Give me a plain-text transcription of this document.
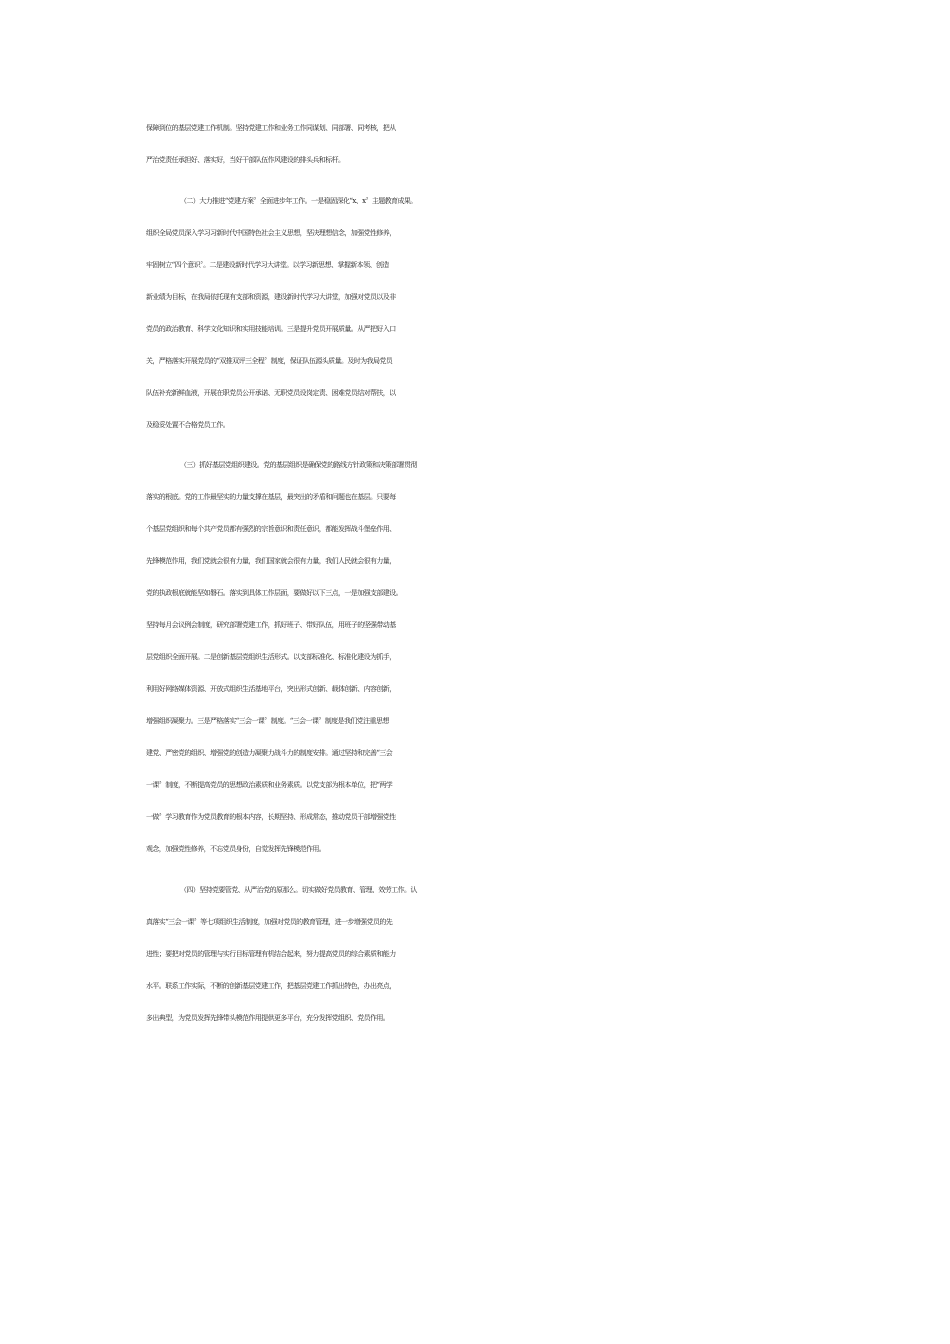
保障到位的基层党建工作机制。坚持党建工作和业务工作同谋划、同部署、同考核，把从
严治党责任承担好、落实好，当好干部队伍作风建设的排头兵和标杆。
（二）大力推进“党建方案〞全面进步年工作。一是稳固深化“x、x〞主题教育成果。
组织全局党员深入学习习新时代中国特色社会主义思想，坚决理想信念，加强党性修养，
牢固树立“四个意识〞。二是建设新时代学习大讲堂。以学习新思想、掌握新本领、创造
新业绩为目标，在我局依托现有支部和资源，建设新时代学习大讲堂，加强对党员以及非
党员的政治教育、科学文化知识和实用技能培训。三是提升党员开展质量。从严把好入口
关，严格落实开展党员的“双推双评三全程〞制度，保证队伍源头质量。及时为我局党员
队伍补充新鲜血液，开展在职党员公开承诺、无职党员设岗定责、困难党员结对帮扶，以
及稳妥处置不合格党员工作。
（三）抓好基层党组织建设。党的基层组织是确保党的路线方针政策和决策部署贯彻
落实的根底。党的工作最坚实的力量支撑在基层，最突出的矛盾和问题也在基层。只要每
个基层党组织和每个共产党员都有强烈的宗旨意识和责任意识，都能发挥战斗堡垒作用、
先锋模范作用，我们党就会很有力量，我们国家就会很有力量，我们人民就会很有力量，
党的执政根底就能坚如磐石。落实到具体工作层面，要做好以下三点，一是加强支部建设。
坚持每月会议例会制度，研究部署党建工作，抓好班子、带好队伍，用班子的坚强带动基
层党组织全面开展。二是创新基层党组织生活形式。以支部标准化、标准化建设为抓手，
利用好网络媒体资源、开放式组织生活基地平台，突出形式创新、载体创新、内容创新，
增强组织凝聚力。三是严格落实“三会一课〞制度。“三会一课〞制度是我们党注重思想
建党、严密党的组织、增强党的创造力凝聚力战斗力的制度安排。通过坚持和完善“三会
一课〞制度，不断提高党员的思想政治素质和业务素质。以党支部为根本单位，把“两学
一做〞学习教育作为党员教育的根本内容，长期坚持、形成常态，推动党员干部增强党性
观念，加强党性修养，不忘党员身份，自觉发挥先锋模范作用。
（四）坚持党要管党、从严治党的原那么。切实做好党员教育、管理、效劳工作。认
真落实“三会一课〞等七项组织生活制度，加强对党员的教育管理，进一步增强党员的先
进性；要把对党员的管理与实行目标管理有机结合起来，努力提高党员的综合素质和能力
水平。联系工作实际，不断的创新基层党建工作，把基层党建工作抓出特色，办出亮点，
多出典型，为党员发挥先锋带头模范作用提供更多平台，充分发挥党组织、党员作用。
